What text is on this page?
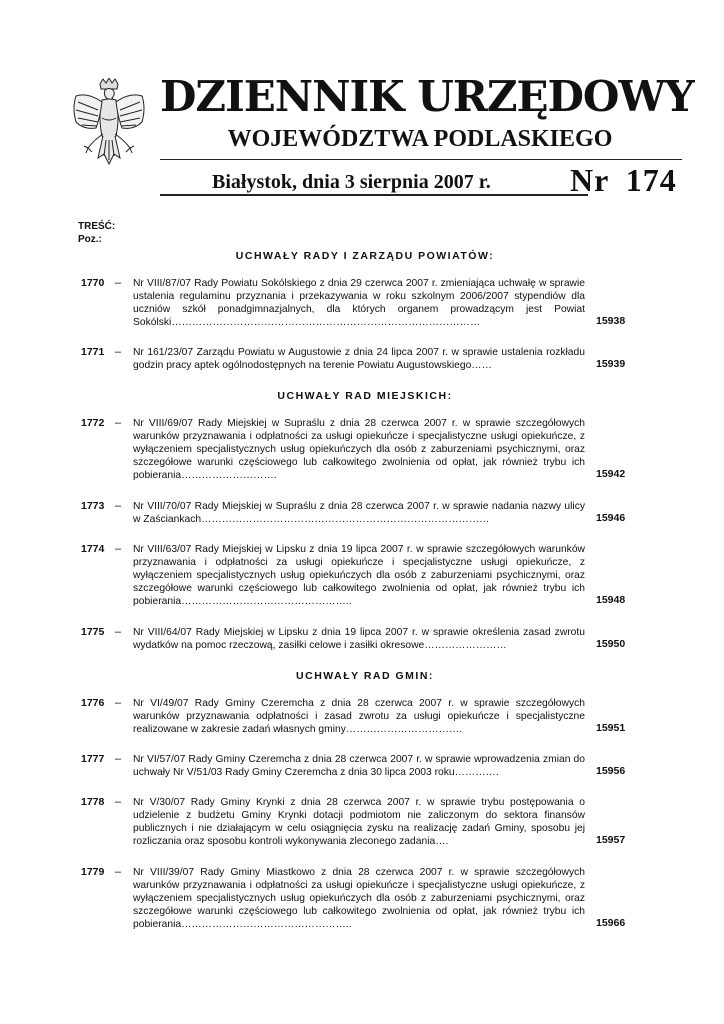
DZIENNIK URZĘDOWY
WOJEWÓDZTWA PODLASKIEGO
Białystok, dnia 3 sierpnia 2007 r. Nr 174
TREŚĆ:
Poz.:
UCHWAŁY RADY I ZARZĄDU POWIATÓW:
1770 – Nr VIII/87/07 Rady Powiatu Sokólskiego z dnia 29 czerwca 2007 r. zmieniająca uchwałę w sprawie ustalenia regulaminu przyznania i przekazywania w roku szkolnym 2006/2007 stypendiów dla uczniów szkół ponadgimnazjalnych, dla których organem prowadzącym jest Powiat Sokólski………………………………………………………………………………	15938
1771 – Nr 161/23/07 Zarządu Powiatu w Augustowie z dnia 24 lipca 2007 r. w sprawie ustalenia rozkładu godzin pracy aptek ogólnodostępnych na terenie Powiatu Augustowskiego……	15939
UCHWAŁY RAD MIEJSKICH:
1772 – Nr VIII/69/07 Rady Miejskiej w Supraślu z dnia 28 czerwca 2007 r. w sprawie szczegółowych warunków przyznawania i odpłatności za usługi opiekuńcze i specjalistyczne usługi opiekuńcze, z wyłączeniem specjalistycznych usług opiekuńczych dla osób z zaburzeniami psychicznymi, oraz szczegółowe warunki częściowego lub całkowitego zwolnienia od opłat, jak również trybu ich pobierania……………………….	15942
1773 – Nr VIII/70/07 Rady Miejskiej w Supraślu z dnia 28 czerwca 2007 r. w sprawie nadania nazwy ulicy w Zaściankach…………………………………………………………………………	15946
1774 – Nr VIII/63/07 Rady Miejskiej w Lipsku z dnia 19 lipca 2007 r. w sprawie szczegółowych warunków przyznawania i odpłatności za usługi opiekuńcze i specjalistyczne usługi opiekuńcze, z wyłączeniem specjalistycznych usług opiekuńczych dla osób z zaburzeniami psychicznymi, oraz szczegółowe warunki częściowego lub całkowitego zwolnienia od opłat, jak również trybu ich pobierania…………………………………………..	15948
1775 – Nr VIII/64/07 Rady Miejskiej w Lipsku z dnia 19 lipca 2007 r. w sprawie określenia zasad zwrotu wydatków na pomoc rzeczową, zasiłki celowe i zasiłki okresowe……………………	15950
UCHWAŁY RAD GMIN:
1776 – Nr VI/49/07 Rady Gminy Czeremcha z dnia 28 czerwca 2007 r. w sprawie szczegółowych warunków przyznawania odpłatności i zasad zwrotu za usługi opiekuńcze i specjalistyczne realizowane w zakresie zadań własnych gminy…………………………….	15951
1777 – Nr VI/57/07 Rady Gminy Czeremcha z dnia 28 czerwca 2007 r. w sprawie wprowadzenia zmian do uchwały Nr V/51/03 Rady Gminy Czeremcha z dnia 30 lipca 2003 roku………….	15956
1778 – Nr V/30/07 Rady Gminy Krynki z dnia 28 czerwca 2007 r. w sprawie trybu postępowania o udzielenie z budżetu Gminy Krynki dotacji podmiotom nie zaliczonym do sektora finansów publicznych i nie działającym w celu osiągnięcia zysku na realizację zadań Gminy, sposobu jej rozliczania oraz sposobu kontroli wykonywania zleconego zadania….	15957
1779 – Nr VIII/39/07 Rady Gminy Miastkowo z dnia 28 czerwca 2007 r. w sprawie szczegółowych warunków przyznawania i odpłatności za usługi opiekuńcze i specjalistyczne usługi opiekuńcze, z wyłączeniem specjalistycznych usług opiekuńczych dla osób z zaburzeniami psychicznymi, oraz szczegółowe warunki częściowego lub całkowitego zwolnienia od opłat, jak również trybu ich pobierania…………………………………………..	15966
